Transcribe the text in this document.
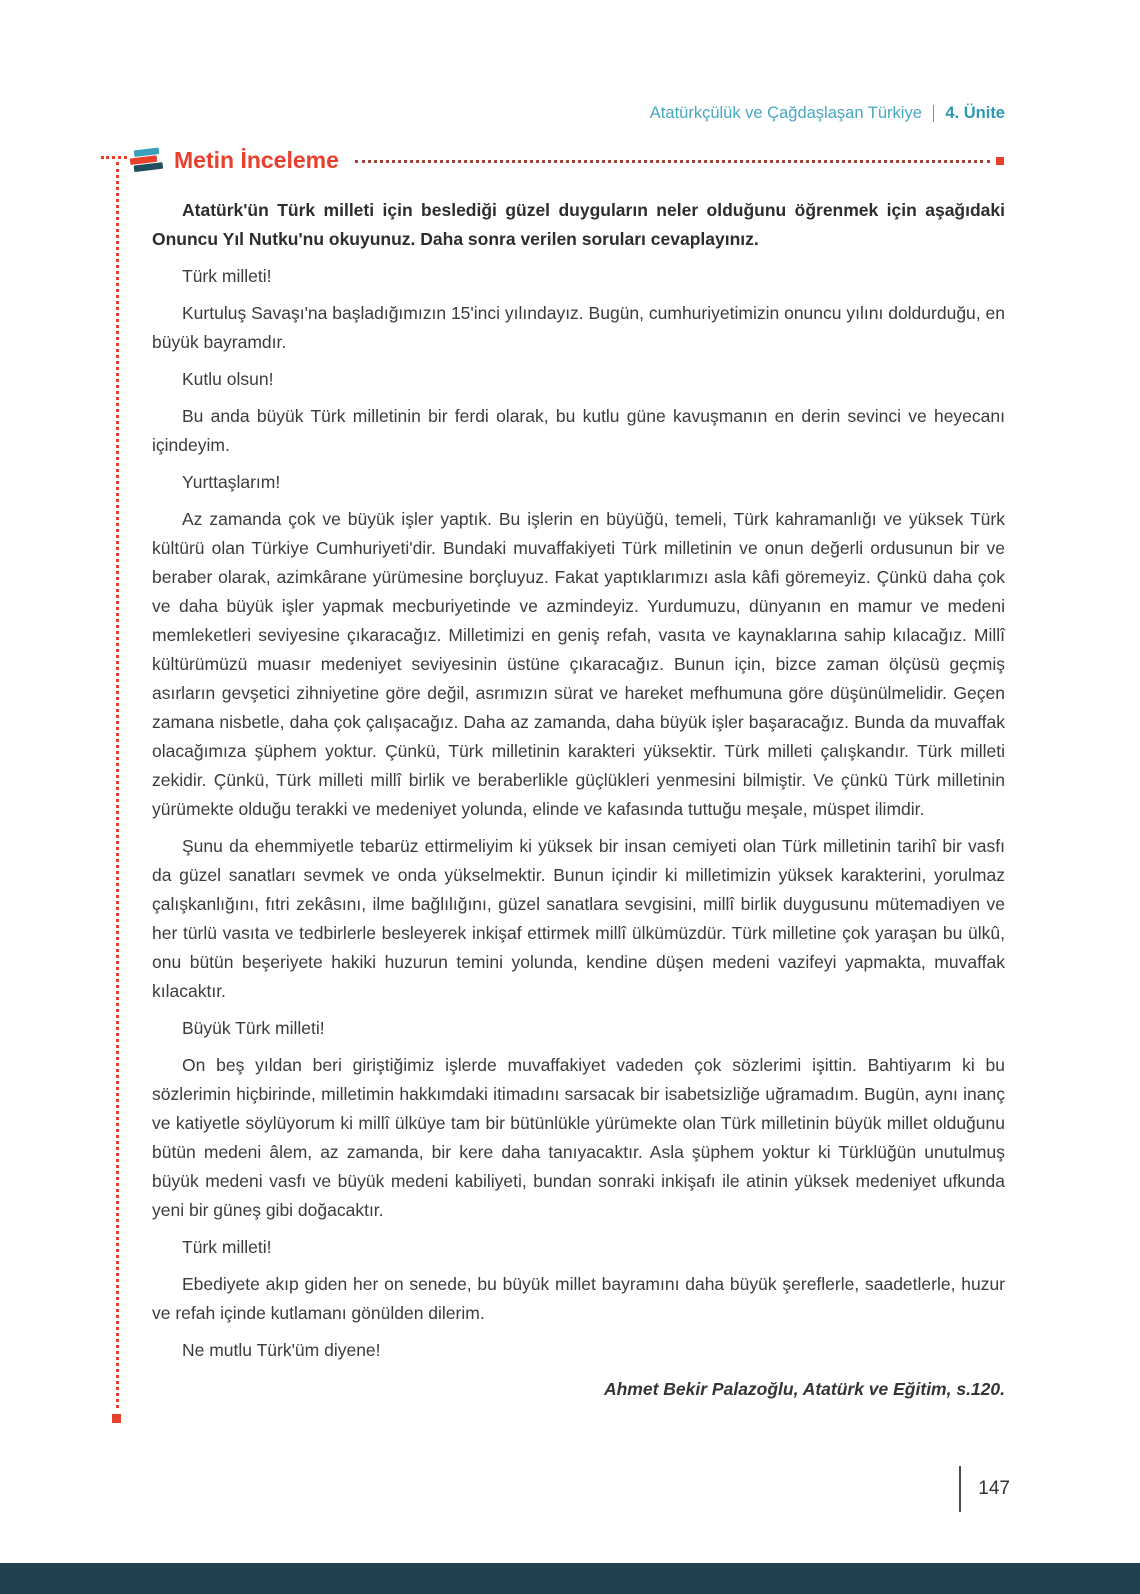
Atatürkçülük ve Çağdaşlaşan Türkiye 4. Ünite
Metin İnceleme

Atatürk'ün Türk milleti için beslediği güzel duyguların neler olduğunu öğrenmek için aşağıdaki Onuncu Yıl Nutku'nu okuyunuz. Daha sonra verilen soruları cevaplayınız.

Türk milleti!

Kurtuluş Savaşı'na başladığımızın 15'inci yılındayız. Bugün, cumhuriyetimizin onuncu yılını doldurduğu, en büyük bayramdır.

Kutlu olsun!

Bu anda büyük Türk milletinin bir ferdi olarak, bu kutlu güne kavuşmanın en derin sevinci ve heyecanı içindeyim.

Yurttaşlarım!

Az zamanda çok ve büyük işler yaptık. Bu işlerin en büyüğü, temeli, Türk kahramanlığı ve yüksek Türk kültürü olan Türkiye Cumhuriyeti'dir. Bundaki muvaffakiyeti Türk milletinin ve onun değerli ordusunun bir ve beraber olarak, azimkârane yürümesine borçluyuz. Fakat yaptıklarımızı asla kâfi göremeyiz. Çünkü daha çok ve daha büyük işler yapmak mecburiyetinde ve azmindeyiz. Yurdumuzu, dünyanın en mamur ve medeni memleketleri seviyesine çıkaracağız. Milletimizi en geniş refah, vasıta ve kaynaklarına sahip kılacağız. Millî kültürümüzü muasır medeniyet seviyesinin üstüne çıkaracağız. Bunun için, bizce zaman ölçüsü geçmiş asırların gevşetici zihniyetine göre değil, asrımızın sürat ve hareket mefhumuna göre düşünülmelidir. Geçen zamana nisbetle, daha çok çalışacağız. Daha az zamanda, daha büyük işler başaracağız. Bunda da muvaffak olacağımıza şüphem yoktur. Çünkü, Türk milletinin karakteri yüksektir. Türk milleti çalışkandır. Türk milleti zekidir. Çünkü, Türk milleti millî birlik ve beraberlikle güçlükleri yenmesini bilmiştir. Ve çünkü Türk milletinin yürümekte olduğu terakki ve medeniyet yolunda, elinde ve kafasında tuttuğu meşale, müspet ilimdir.

Şunu da ehemmiyetle tebarüz ettirmeliyim ki yüksek bir insan cemiyeti olan Türk milletinin tarihî bir vasfı da güzel sanatları sevmek ve onda yükselmektir. Bunun içindir ki milletimizin yüksek karakterini, yorulmaz çalışkanlığını, fıtri zekâsını, ilme bağlılığını, güzel sanatlara sevgisini, millî birlik duygusunu mütemadiyen ve her türlü vasıta ve tedbirlerle besleyerek inkişaf ettirmek millî ülkümüzdür. Türk milletine çok yaraşan bu ülkû, onu bütün beşeriyete hakiki huzurun temini yolunda, kendine düşen medeni vazifeyi yapmakta, muvaffak kılacaktır.

Büyük Türk milleti!

On beş yıldan beri giriştiğimiz işlerde muvaffakiyet vadeden çok sözlerimi işittin. Bahtiyarım ki bu sözlerimin hiçbirinde, milletimin hakkımdaki itimadını sarsacak bir isabetsizliğe uğramadım. Bugün, aynı inanç ve katiyetle söylüyorum ki millî ülküye tam bir bütünlükle yürümekte olan Türk milletinin büyük millet olduğunu bütün medeni âlem, az zamanda, bir kere daha tanıyacaktır. Asla şüphem yoktur ki Türklüğün unutulmuş büyük medeni vasfı ve büyük medeni kabiliyeti, bundan sonraki inkişafı ile atinin yüksek medeniyet ufkunda yeni bir güneş gibi doğacaktır.

Türk milleti!

Ebediyete akıp giden her on senede, bu büyük millet bayramını daha büyük şereflerle, saadetlerle, huzur ve refah içinde kutlamanı gönülden dilerim.

Ne mutlu Türk'üm diyene!

Ahmet Bekir Palazoğlu, Atatürk ve Eğitim, s.120.

147
